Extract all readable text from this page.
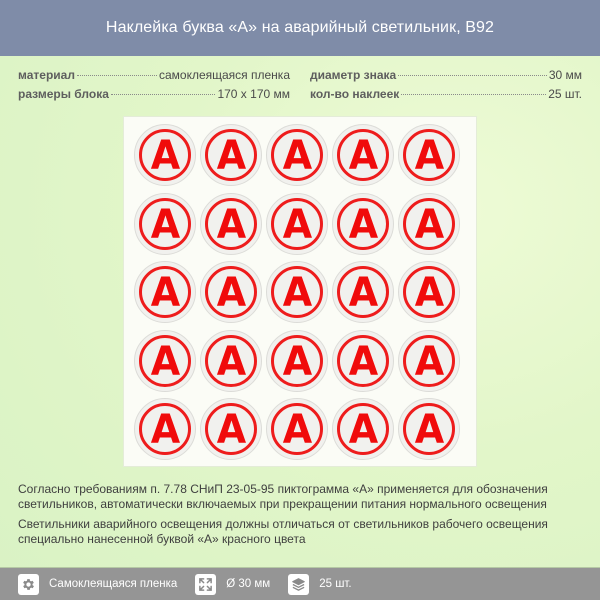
Наклейка буква «А» на аварийный светильник, B92
материал	самоклеящаяся пленка
размеры блока	170 х 170 мм
диаметр знака	30 мм
кол-во наклеек	25 шт.
А А А А А
А А А А А
А А А А А
А А А А А
А А А А А

Согласно требованиям п. 7.78 СНиП 23-05-95 пиктограмма «А» применяется для обозначения светильников, автоматически включаемых при прекращении питания нормального освещения

Светильники аварийного освещения должны отличаться от светильников рабочего освещения специально нанесенной буквой «А» красного цвета

Самоклеящаяся пленка	Ø 30 мм	25 шт.
